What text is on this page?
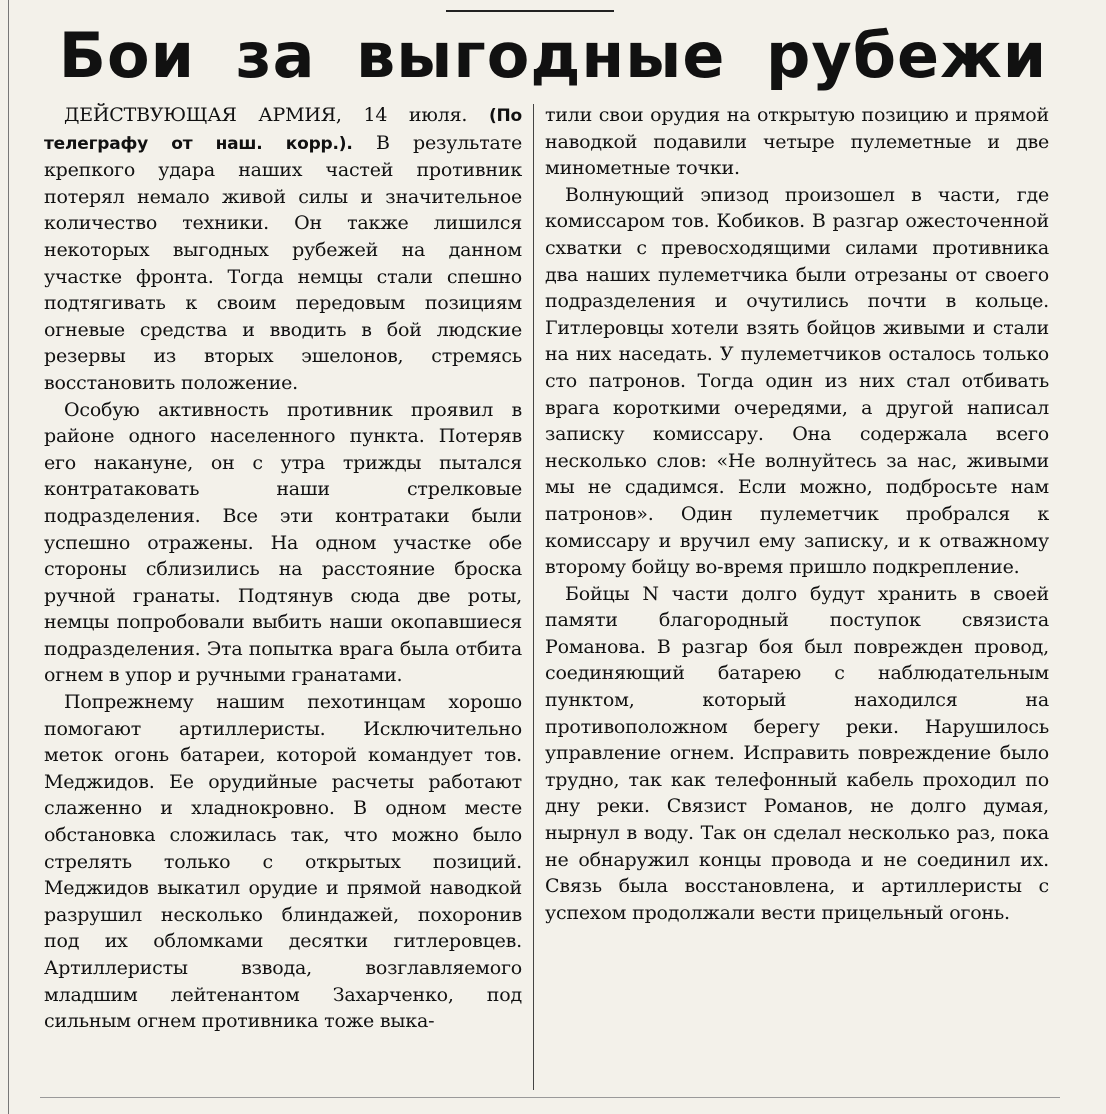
Бои за выгодные рубежи

ДЕЙСТВУЮЩАЯ АРМИЯ, 14 июля. (По телеграфу от наш. корр.). В результате крепкого удара наших частей противник потерял немало живой силы и значительное количество техники. Он также лишился некоторых выгодных рубежей на данном участке фронта. Тогда немцы стали спешно подтягивать к своим передовым позициям огневые средства и вводить в бой людские резервы из вторых эшелонов, стремясь восстановить положение.

Особую активность противник проявил в районе одного населенного пункта. Потеряв его накануне, он с утра трижды пытался контратаковать наши стрелковые подразделения. Все эти контратаки были успешно отражены. На одном участке обе стороны сблизились на расстояние броска ручной гранаты. Подтянув сюда две роты, немцы попробовали выбить наши окопавшиеся подразделения. Эта попытка врага была отбита огнем в упор и ручными гранатами.

Попрежнему нашим пехотинцам хорошо помогают артиллеристы. Исключительно меток огонь батареи, которой командует тов. Меджидов. Ее орудийные расчеты работают слаженно и хладнокровно. В одном месте обстановка сложилась так, что можно было стрелять только с открытых позиций. Меджидов выкатил орудие и прямой наводкой разрушил несколько блиндажей, похоронив под их обломками десятки гитлеровцев. Артиллеристы взвода, возглавляемого младшим лейтенантом Захарченко, под сильным огнем противника тоже выка-

тили свои орудия на открытую позицию и прямой наводкой подавили четыре пулеметные и две минометные точки.

Волнующий эпизод произошел в части, где комиссаром тов. Кобиков. В разгар ожесточенной схватки с превосходящими силами противника два наших пулеметчика были отрезаны от своего подразделения и очутились почти в кольце. Гитлеровцы хотели взять бойцов живыми и стали на них наседать. У пулеметчиков осталось только сто патронов. Тогда один из них стал отбивать врага короткими очередями, а другой написал записку комиссару. Она содержала всего несколько слов: «Не волнуйтесь за нас, живыми мы не сдадимся. Если можно, подбросьте нам патронов». Один пулеметчик пробрался к комиссару и вручил ему записку, и к отважному второму бойцу во-время пришло подкрепление.

Бойцы N части долго будут хранить в своей памяти благородный поступок связиста Романова. В разгар боя был поврежден провод, соединяющий батарею с наблюдательным пунктом, который находился на противоположном берегу реки. Нарушилось управление огнем. Исправить повреждение было трудно, так как телефонный кабель проходил по дну реки. Связист Романов, не долго думая, нырнул в воду. Так он сделал несколько раз, пока не обнаружил концы провода и не соединил их. Связь была восстановлена, и артиллеристы с успехом продолжали вести прицельный огонь.
